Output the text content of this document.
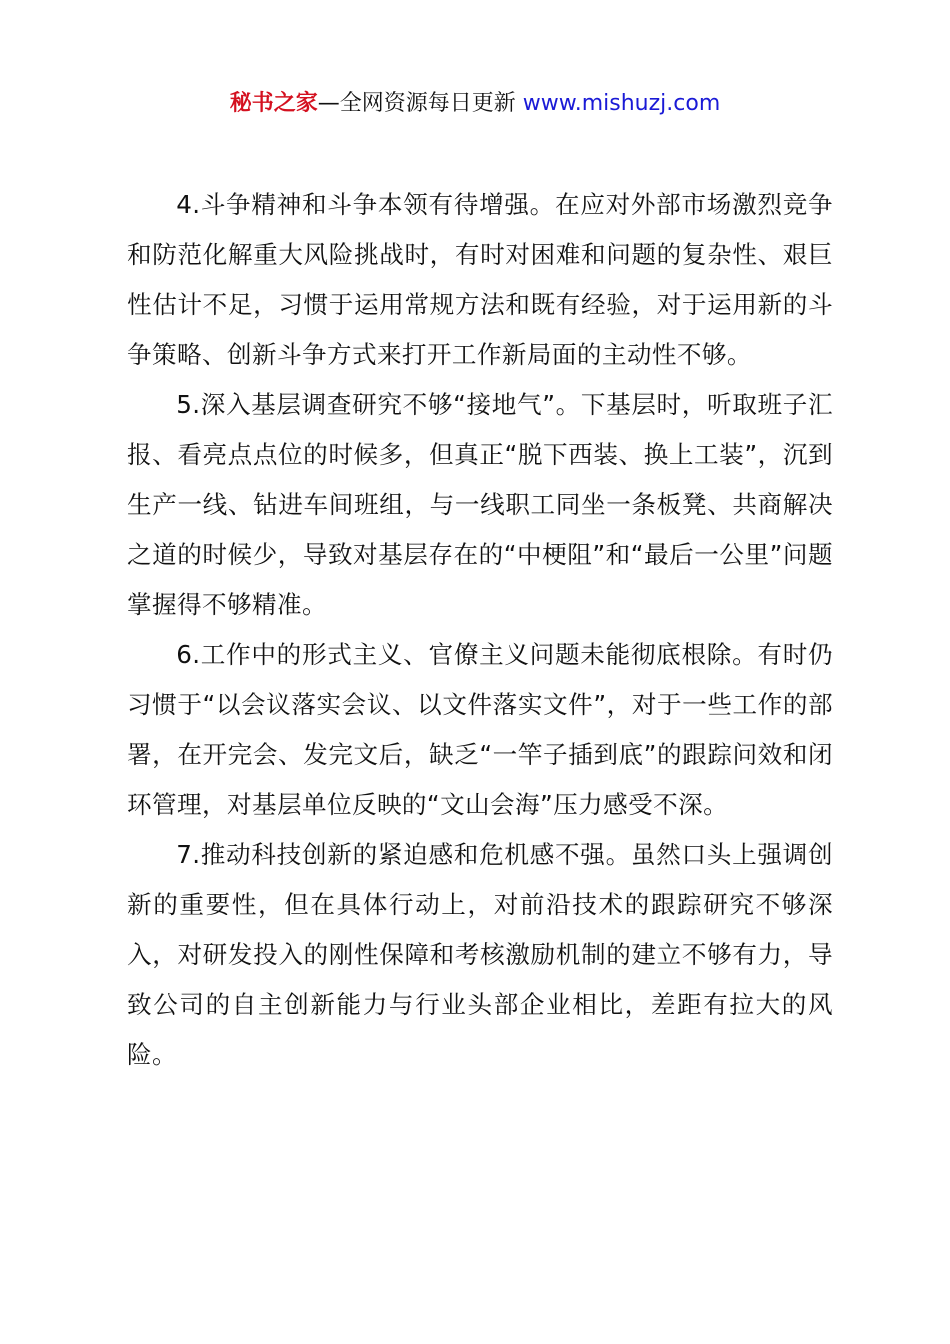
秘书之家—全网资源每日更新 www.mishuzj.com

4.斗争精神和斗争本领有待增强。在应对外部市场激烈竞争和防范化解重大风险挑战时，有时对困难和问题的复杂性、艰巨性估计不足，习惯于运用常规方法和既有经验，对于运用新的斗争策略、创新斗争方式来打开工作新局面的主动性不够。

5.深入基层调查研究不够“接地气”。下基层时，听取班子汇报、看亮点点位的时候多，但真正“脱下西装、换上工装”，沉到生产一线、钻进车间班组，与一线职工同坐一条板凳、共商解决之道的时候少，导致对基层存在的“中梗阻”和“最后一公里”问题掌握得不够精准。

6.工作中的形式主义、官僚主义问题未能彻底根除。有时仍习惯于“以会议落实会议、以文件落实文件”，对于一些工作的部署，在开完会、发完文后，缺乏“一竿子插到底”的跟踪问效和闭环管理，对基层单位反映的“文山会海”压力感受不深。

7.推动科技创新的紧迫感和危机感不强。虽然口头上强调创新的重要性，但在具体行动上，对前沿技术的跟踪研究不够深入，对研发投入的刚性保障和考核激励机制的建立不够有力，导致公司的自主创新能力与行业头部企业相比，差距有拉大的风险。
